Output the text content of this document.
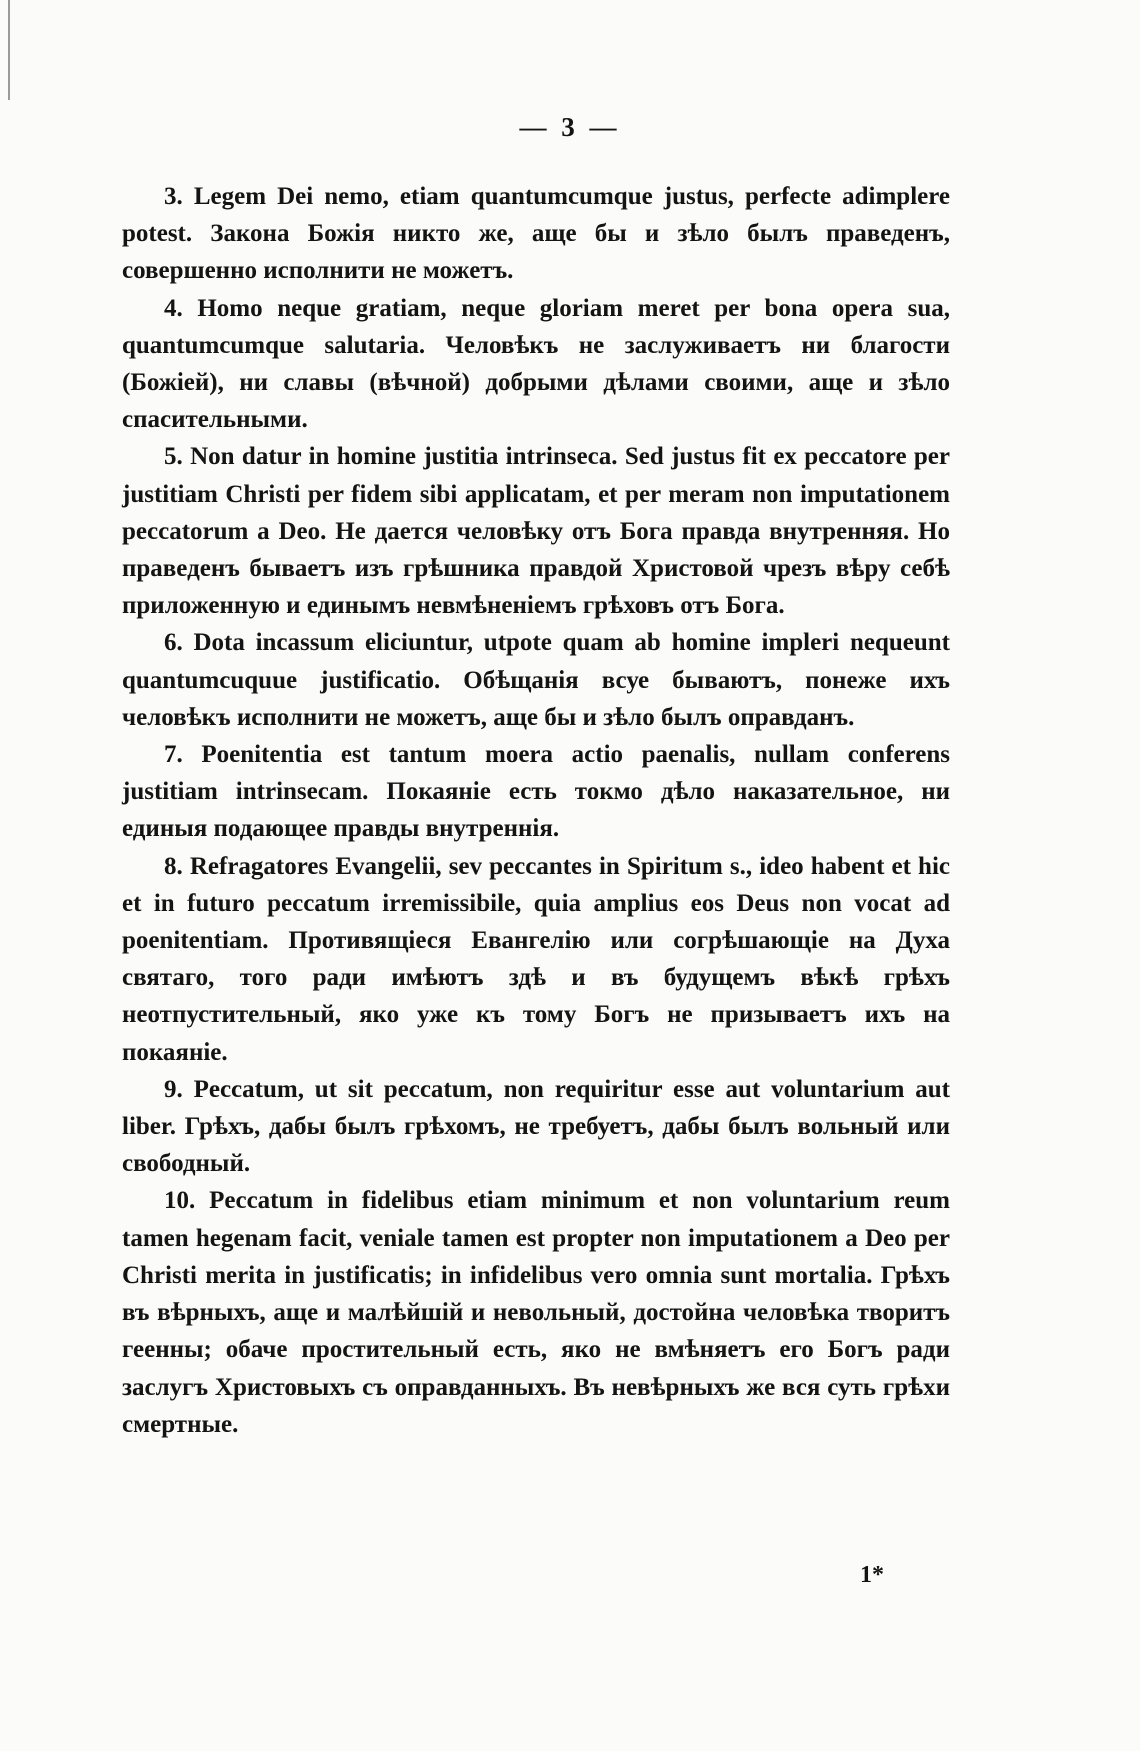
— 3 —

3. Legem Dei nemo, etiam quantumcumque justus, perfecte adimplere potest. Закона Божія никто же, аще бы и зѣло былъ праведенъ, совершенно исполнити не можетъ.

4. Homo neque gratiam, neque gloriam meret per bona opera sua, quantumcumque salutaria. Человѣкъ не заслуживаетъ ни благости (Божіей), ни славы (вѣчной) добрыми дѣлами своими, аще и зѣло спасительными.

5. Non datur in homine justitia intrinseca. Sed justus fit ex peccatore per justitiam Christi per fidem sibi applicatam, et per meram non imputationem peccatorum a Deo. Не дается человѣку отъ Бога правда внутренняя. Но праведенъ бываетъ изъ грѣшника правдой Христовой чрезъ вѣру себѣ приложенную и единымъ невмѣненіемъ грѣховъ отъ Бога.

6. Dota incassum eliciuntur, utpote quam ab homine impleri nequeunt quantumcuquue justificatio. Обѣщанія всуе бываютъ, понеже ихъ человѣкъ исполнити не можетъ, аще бы и зѣло былъ оправданъ.

7. Poenitentia est tantum moera actio paenalis, nullam conferens justitiam intrinsecam. Покаяніе есть токмо дѣло наказательное, ни единыя подающее правды внутреннія.

8. Refragatores Evangelii, sev peccantes in Spiritum s., ideo habent et hic et in futuro peccatum irremissibile, quia amplius eos Deus non vocat ad poenitentiam. Противящіеся Евангелію или согрѣшающіе на Духа святаго, того ради имѣютъ здѣ и въ будущемъ вѣкѣ грѣхъ неотпустительный, яко уже къ тому Богъ не призываетъ ихъ на покаяніе.

9. Peccatum, ut sit peccatum, non requiritur esse aut voluntarium aut liber. Грѣхъ, дабы былъ грѣхомъ, не требуетъ, дабы былъ вольный или свободный.

10. Peccatum in fidelibus etiam minimum et non voluntarium reum tamen hegenam facit, veniale tamen est propter non imputationem a Deo per Christi merita in justificatis; in infidelibus vero omnia sunt mortalia. Грѣхъ въ вѣрныхъ, аще и малѣйшій и невольный, достойна человѣка творитъ геенны; обаче простительный есть, яко не вмѣняетъ его Богъ ради заслугъ Христовыхъ съ оправданныхъ. Въ невѣрныхъ же вся суть грѣхи смертные.

1*
